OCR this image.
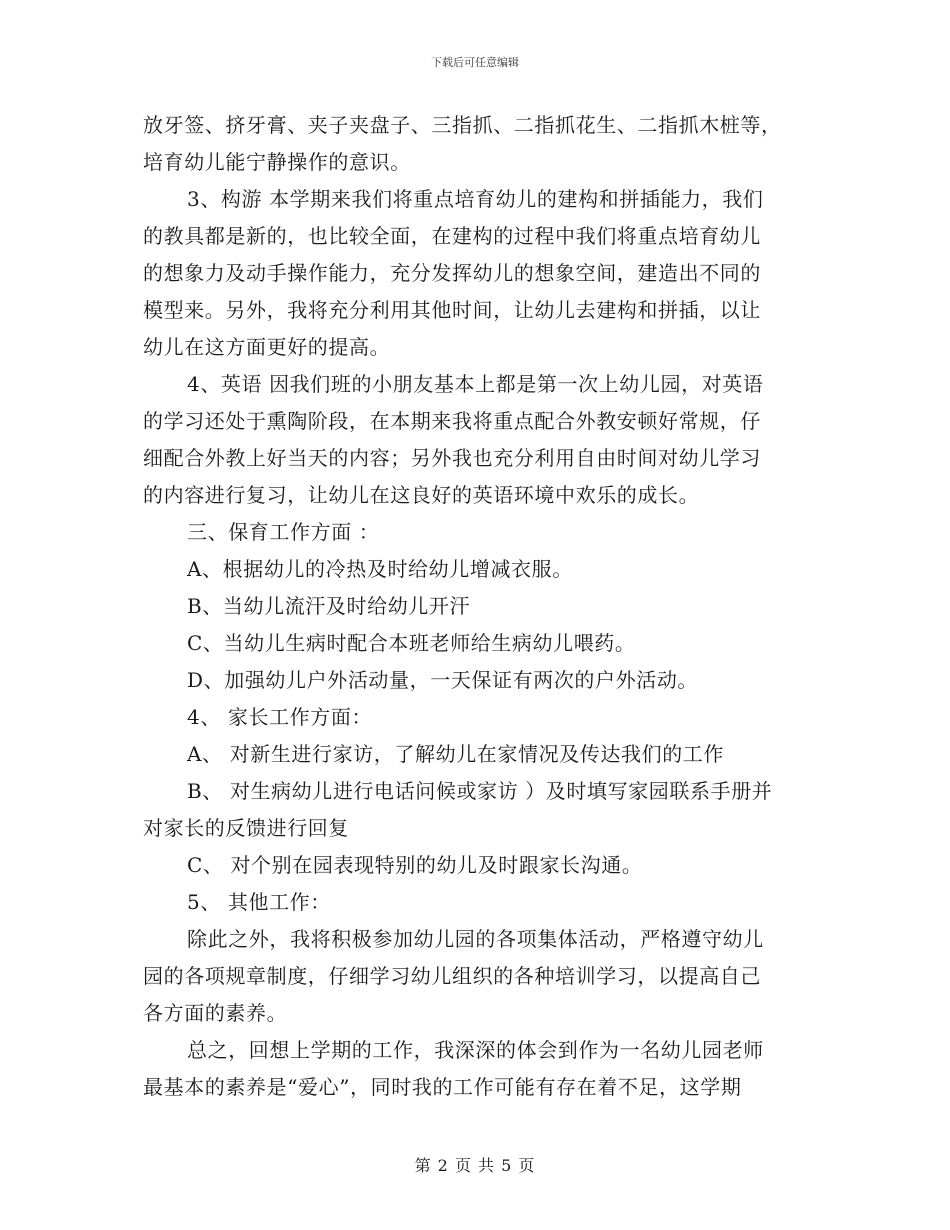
下载后可任意编辑
放牙签、挤牙膏、夹子夹盘子、三指抓、二指抓花生、二指抓木桩等，
培育幼儿能宁静操作的意识。
3、构游 本学期来我们将重点培育幼儿的建构和拼插能力，我们
的教具都是新的，也比较全面，在建构的过程中我们将重点培育幼儿
的想象力及动手操作能力，充分发挥幼儿的想象空间，建造出不同的
模型来。另外，我将充分利用其他时间，让幼儿去建构和拼插，以让
幼儿在这方面更好的提高。
4、英语 因我们班的小朋友基本上都是第一次上幼儿园，对英语
的学习还处于熏陶阶段，在本期来我将重点配合外教安顿好常规，仔
细配合外教上好当天的内容；另外我也充分利用自由时间对幼儿学习
的内容进行复习，让幼儿在这良好的英语环境中欢乐的成长。
三、保育工作方面 ：
A、根据幼儿的冷热及时给幼儿增减衣服。
B、当幼儿流汗及时给幼儿开汗
C、当幼儿生病时配合本班老师给生病幼儿喂药。
D、加强幼儿户外活动量，一天保证有两次的户外活动。
4、 家长工作方面：
A、 对新生进行家访，了解幼儿在家情况及传达我们的工作
B、 对生病幼儿进行电话问候或家访 ）及时填写家园联系手册并
对家长的反馈进行回复
C、 对个别在园表现特别的幼儿及时跟家长沟通。
5、 其他工作：
除此之外，我将积极参加幼儿园的各项集体活动，严格遵守幼儿
园的各项规章制度，仔细学习幼儿组织的各种培训学习，以提高自己
各方面的素养。
总之，回想上学期的工作，我深深的体会到作为一名幼儿园老师
最基本的素养是“爱心”，同时我的工作可能有存在着不足，这学期
第 2 页 共 5 页
